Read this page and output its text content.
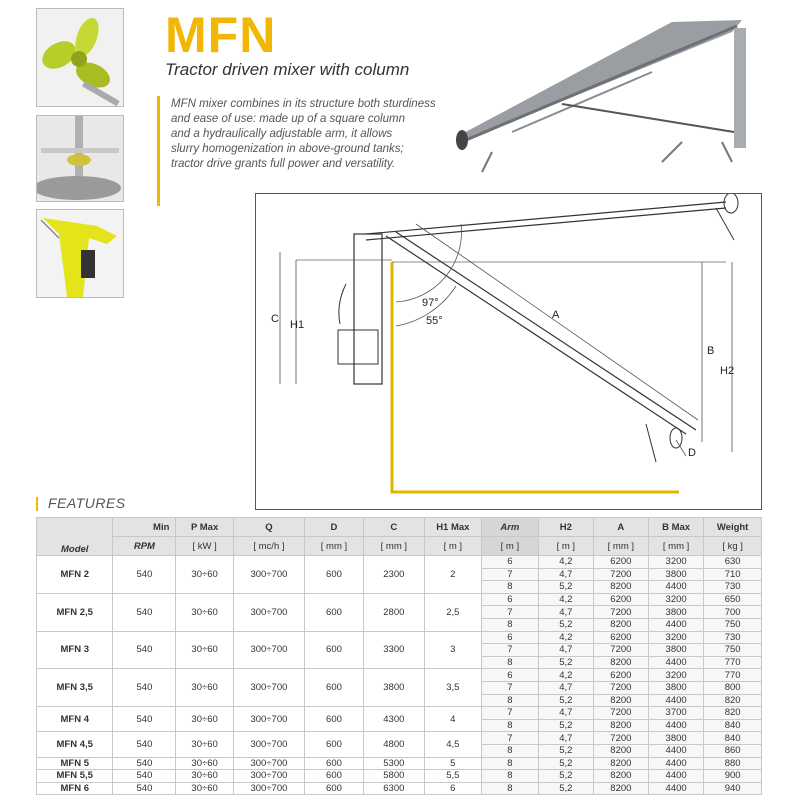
MFN
Tractor driven mixer with column
MFN mixer combines in its structure both sturdiness
and ease of use: made up of a square column
and a hydraulically adjustable arm, it allows
slurry homogenization in above-ground tanks;
tractor drive grants full power and versatility.
C H1
A
B
H2
D
97°
55°
FEATURES
Model	Min	P Max	Q	D	C	H1 Max	Arm	H2	A	B Max	Weight
	RPM	[ kW ]	[ mc/h ]	[ mm ]	[ mm ]	[ m ]	[ m ]	[ m ]	[ mm ]	[ mm ]	[ kg ]
MFN 2	540	30÷60	300÷700	600	2300	2	6	4,2	6200	3200	630
							7	4,7	7200	3800	710
							8	5,2	8200	4400	730
MFN 2,5	540	30÷60	300÷700	600	2800	2,5	6	4,2	6200	3200	650
							7	4,7	7200	3800	700
							8	5,2	8200	4400	750
MFN 3	540	30÷60	300÷700	600	3300	3	6	4,2	6200	3200	730
							7	4,7	7200	3800	750
							8	5,2	8200	4400	770
MFN 3,5	540	30÷60	300÷700	600	3800	3,5	6	4,2	6200	3200	770
							7	4,7	7200	3800	800
							8	5,2	8200	4400	820
MFN 4	540	30÷60	300÷700	600	4300	4	7	4,7	7200	3700	820
							8	5,2	8200	4400	840
MFN 4,5	540	30÷60	300÷700	600	4800	4,5	7	4,7	7200	3800	840
							8	5,2	8200	4400	860
MFN 5	540	30÷60	300÷700	600	5300	5	8	5,2	8200	4400	880
MFN 5,5	540	30÷60	300÷700	600	5800	5,5	8	5,2	8200	4400	900
MFN 6	540	30÷60	300÷700	600	6300	6	8	5,2	8200	4400	940
